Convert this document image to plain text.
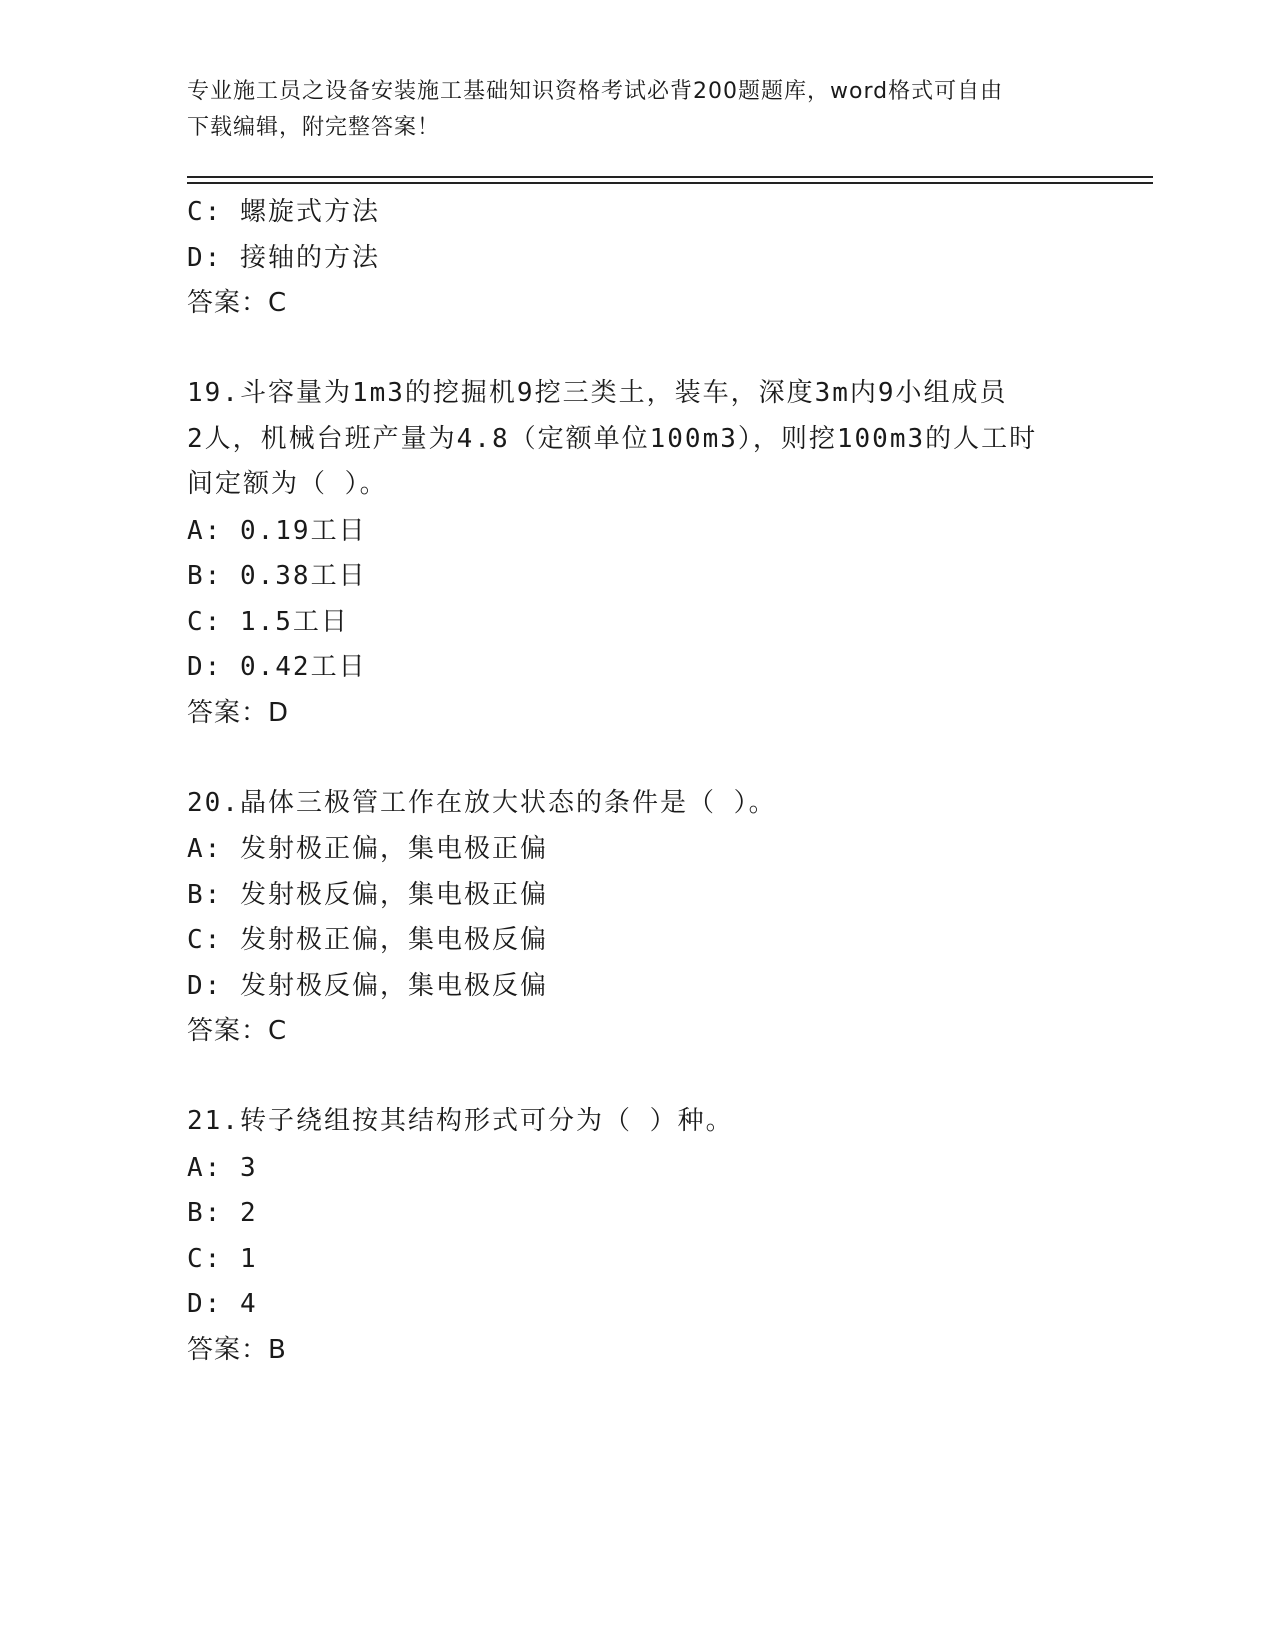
专业施工员之设备安装施工基础知识资格考试必背200题题库，word格式可自由
下载编辑，附完整答案！
C: 螺旋式方法
D: 接轴的方法
答案：C
19.斗容量为1m3的挖掘机9挖三类土，装车，深度3m内9小组成员
2人，机械台班产量为4.8（定额单位100m3），则挖100m3的人工时
间定额为（ ）。
A: 0.19工日
B: 0.38工日
C: 1.5工日
D: 0.42工日
答案：D
20.晶体三极管工作在放大状态的条件是（ ）。
A: 发射极正偏，集电极正偏
B: 发射极反偏，集电极正偏
C: 发射极正偏，集电极反偏
D: 发射极反偏，集电极反偏
答案：C
21.转子绕组按其结构形式可分为（ ）种。
A: 3
B: 2
C: 1
D: 4
答案：B
